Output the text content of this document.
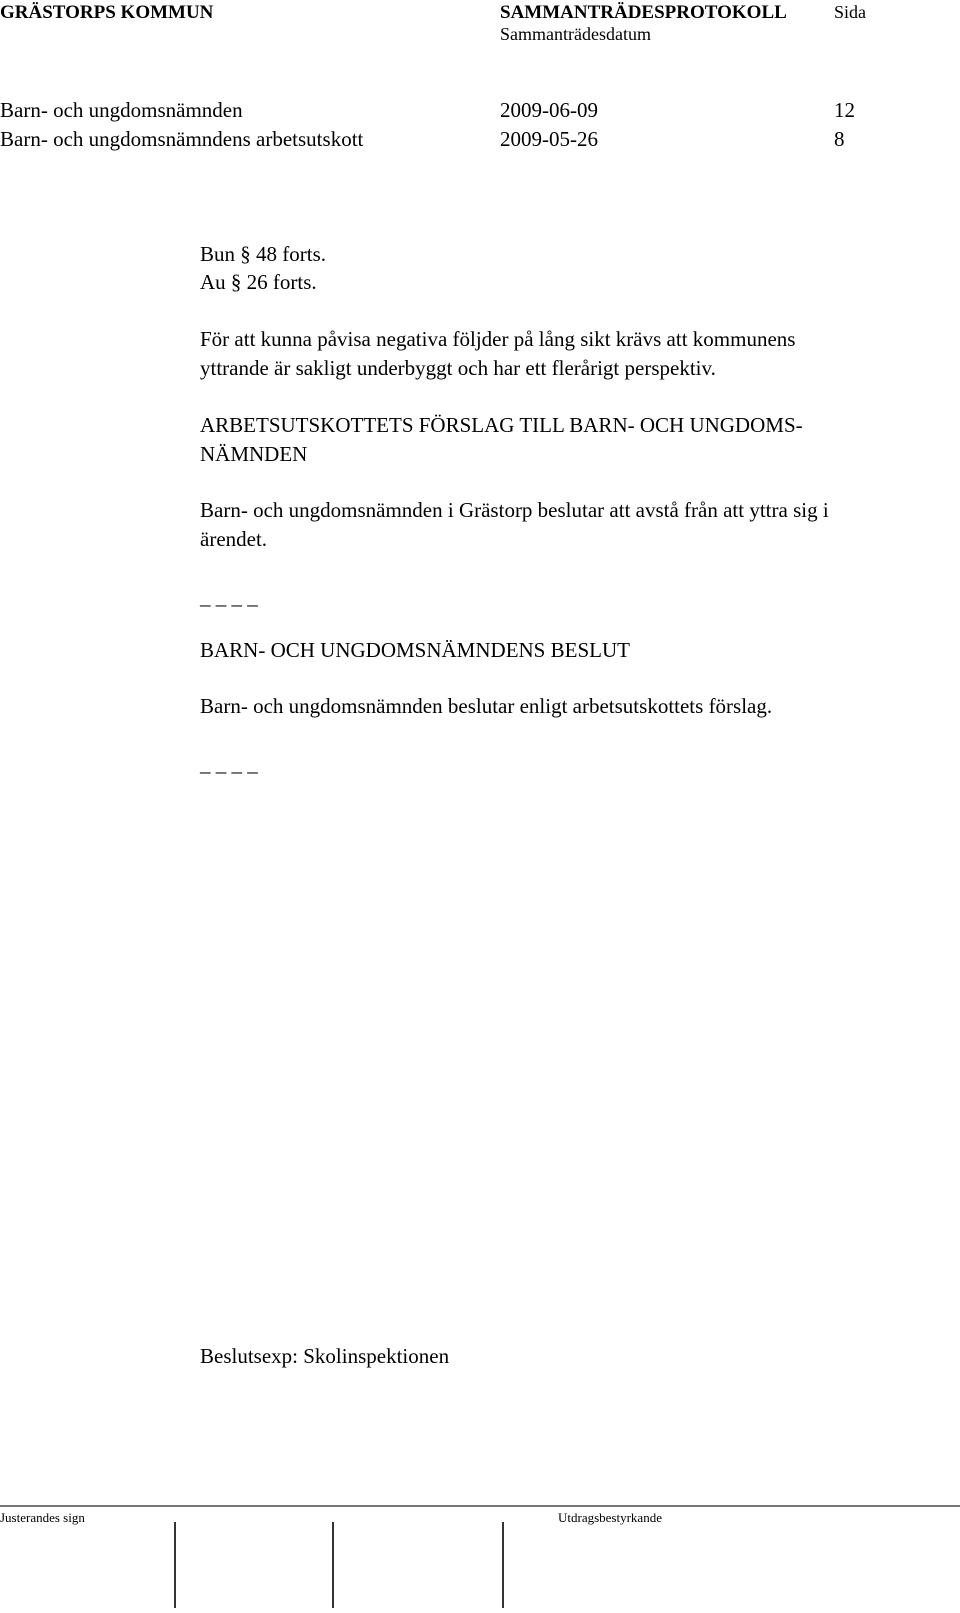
GRÄSTORPS KOMMUN	SAMMANTRÄDESPROTOKOLL	Sida
Sammanträdesdatum
Barn- och ungdomsnämnden	2009-06-09	12
Barn- och ungdomsnämndens arbetsutskott	2009-05-26	8
Bun § 48 forts.
Au § 26 forts.
För att kunna påvisa negativa följder på lång sikt krävs att kommunens
yttrande är sakligt underbyggt och har ett flerårigt perspektiv.
ARBETSUTSKOTTETS FÖRSLAG TILL BARN- OCH UNGDOMS-
NÄMNDEN
Barn- och ungdomsnämnden i Grästorp beslutar att avstå från att yttra sig i
ärendet.
_ _ _ _
BARN- OCH UNGDOMSNÄMNDENS BESLUT
Barn- och ungdomsnämnden beslutar enligt arbetsutskottets förslag.
_ _ _ _
Beslutsexp: Skolinspektionen
Justerandes sign	Utdragsbestyrkande
